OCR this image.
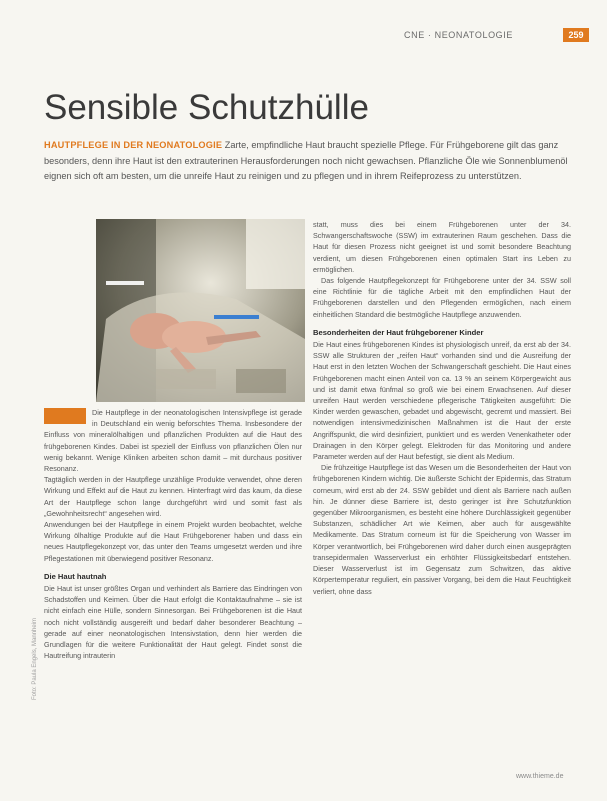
CNE · NEONATOLOGIE	259
Sensible Schutzhülle
HAUTPFLEGE IN DER NEONATOLOGIE Zarte, empfindliche Haut braucht spezielle Pflege. Für Frühgeborene gilt das ganz besonders, denn ihre Haut ist den extrauterinen Herausforderungen noch nicht gewachsen. Pflanzliche Öle wie Sonnenblumenöl eignen sich oft am besten, um die unreife Haut zu reinigen und zu pflegen und in ihrem Reifeprozess zu unterstützen.

Die Hautpflege in der neonatologischen Intensivpflege ist gerade in Deutschland ein wenig beforschtes Thema. Insbesondere der Einfluss von mineralölhaltigen und pflanzlichen Produkten auf die Haut des frühgeborenen Kindes. Dabei ist speziell der Einfluss von pflanzlichen Ölen nur wenig bekannt. Wenige Kliniken arbeiten schon damit – mit durchaus positiver Resonanz.

Tagtäglich werden in der Hautpflege unzählige Produkte verwendet, ohne deren Wirkung und Effekt auf die Haut zu kennen. Hinterfragt wird das kaum, da diese Art der Hautpflege schon lange durchgeführt wird und somit fast als „Gewohnheitsrecht“ angesehen wird.

Anwendungen bei der Hautpflege in einem Projekt wurden beobachtet, welche Wirkung ölhaltige Produkte auf die Haut Frühgeborener haben und dass ein neues Hautpflegekonzept vor, das unter den Teams umgesetzt werden und ihre Pflegestationen mit überwiegend positiver Resonanz.

Die Haut hautnah

Die Haut ist unser größtes Organ und verhindert als Barriere das Eindringen von Schadstoffen und Keimen. Über die Haut erfolgt die Kontaktaufnahme – sie ist nicht einfach eine Hülle, sondern Sinnesorgan. Bei Frühgeborenen ist die Haut noch nicht vollständig ausgereift und bedarf daher besonderer Beachtung – gerade auf einer neonatologischen Intensivstation, denn hier werden die Grundlagen für die weitere Funktionalität der Haut gelegt. Findet sonst die Hautreifung intrauterin

statt, muss dies bei einem Frühgeborenen unter der 34. Schwangerschaftswoche (SSW) im extrauterinen Raum geschehen. Dass die Haut für diesen Prozess nicht geeignet ist und somit besondere Beachtung verdient, um diesen Frühgeborenen einen optimalen Start ins Leben zu ermöglichen.

Das folgende Hautpflegekonzept für Frühgeborene unter der 34. SSW soll eine Richtlinie für die tägliche Arbeit mit den empfindlichen Haut der Frühgeborenen darstellen und den Pflegenden ermöglichen, nach einem einheitlichen Standard die bestmögliche Hautpflege anzuwenden.

Besonderheiten der Haut frühgeborener Kinder

Die Haut eines frühgeborenen Kindes ist physiologisch unreif, da erst ab der 34. SSW alle Strukturen der „reifen Haut“ vorhanden sind und die Ausreifung der Haut erst in den letzten Wochen der Schwangerschaft geschieht. Die Haut eines Frühgeborenen macht einen Anteil von ca. 13 % an seinem Körpergewicht aus und ist damit etwa fünfmal so groß wie bei einem Erwachsenen. Auf dieser unreifen Haut werden verschiedene pflegerische Tätigkeiten ausgeführt: Die Kinder werden gewaschen, gebadet und abgewischt, gecremt und massiert. Bei notwendigen intensivmedizinischen Maßnahmen ist die Haut der erste Angriffspunkt, die wird desinfiziert, punktiert und es werden Venenkatheter oder Drainagen in den Körper gelegt. Elektroden für das Monitoring und andere Parameter werden auf der Haut befestigt, sie dient als Medium.

Die frühzeitige Hautpflege ist das Wesen um die Besonderheiten der Haut von frühgeborenen Kindern wichtig. Die äußerste Schicht der Epidermis, das Stratum corneum, wird erst ab der 24. SSW gebildet und dient als Barriere nach außen hin. Je dünner diese Barriere ist, desto geringer ist ihre Schutzfunktion gegenüber Mikroorganismen, es besteht eine höhere Durchlässigkeit gegenüber Substanzen, schädlicher Art wie Keimen, aber auch für ausgewählte Medikamente. Das Stratum corneum ist für die Speicherung von Wasser im Körper verantwortlich, bei Frühgeborenen wird daher durch einen ausgeprägten transepidermalen Wasserverlust ein erhöhter Flüssigkeitsbedarf entstehen. Dieser Wasserverlust ist im Gegensatz zum Schwitzen, das aktive Körpertemperatur reguliert, ein passiver Vorgang, bei dem die Haut Feuchtigkeit verliert, ohne dass

Foto: Paula Engels, Mannheim
www.thieme.de
